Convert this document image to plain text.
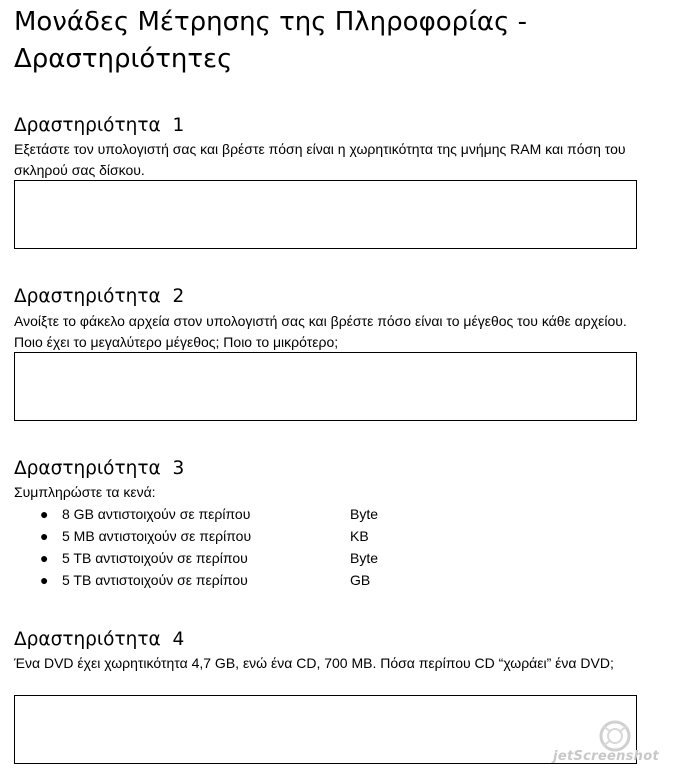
Μονάδες Μέτρησης της Πληροφορίας - Δραστηριότητες
Δραστηριότητα  1

Εξετάστε τον υπολογιστή σας και βρέστε πόση είναι η χωρητικότητα της μνήμης RAM και πόση του σκληρού σας δίσκου.

Δραστηριότητα  2

Ανοίξτε το φάκελο αρχεία στον υπολογιστή σας και βρέστε πόσο είναι το μέγεθος του κάθε αρχείου. Ποιο έχει το μεγαλύτερο μέγεθος; Ποιο το μικρότερο;

Δραστηριότητα  3

Συμπληρώστε τα κενά:

● 8 GB αντιστοιχούν σε περίπου	Byte
● 5 MB αντιστοιχούν σε περίπου	KB
● 5 TB αντιστοιχούν σε περίπου	Byte
● 5 TB αντιστοιχούν σε περίπου	GB
Δραστηριότητα  4

Ένα DVD έχει χωρητικότητα 4,7 GB, ενώ ένα CD, 700 MB. Πόσα περίπου CD “χωράει” ένα DVD;

jetScreenshot
